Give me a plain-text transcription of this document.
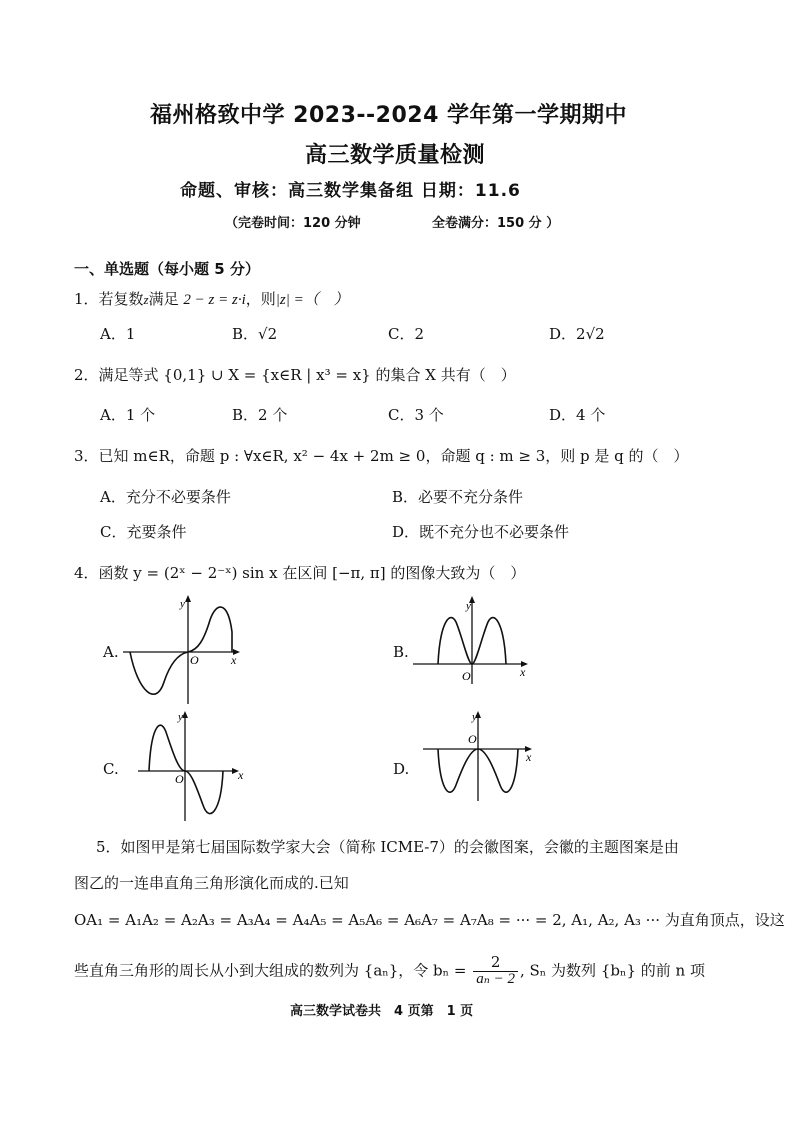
福州格致中学 2023--2024 学年第一学期期中
高三数学质量检测
命题、审核：高三数学集备组 日期：11.6
（完卷时间：120 分钟	全卷满分：150 分 ）
一、单选题（每小题 5 分）
1．若复数z满足 2 − z = z·i，则|z| =（　）
A．1	B．√2	C．2	D．2√2
2．满足等式 {0,1} ∪ X = {x∈R | x³ = x} 的集合 X 共有（　）
A．1 个	B．2 个	C．3 个	D．4 个
3．已知 m∈R，命题 p : ∀x∈R, x² − 4x + 2m ≥ 0，命题 q : m ≥ 3，则 p 是 q 的（　）
A．充分不必要条件	B．必要不充分条件
C．充要条件	D．既不充分也不必要条件
4．函数 y = (2ˣ − 2⁻ˣ) sin x 在区间 [−π, π] 的图像大致为（　）
A.	B.
C.	D.
y
x
O
y
x
O
y
x
O
y
x
O
5．如图甲是第七届国际数学家大会（简称 ICME-7）的会徽图案，会徽的主题图案是由
图乙的一连串直角三角形演化而成的.已知
OA₁ = A₁A₂ = A₂A₃ = A₃A₄ = A₄A₅ = A₅A₆ = A₆A₇ = A₇A₈ = ··· = 2, A₁, A₂, A₃ ··· 为直角顶点，设这
些直角三角形的周长从小到大组成的数列为 {aₙ}，令 $b_n = \frac{2}{\text{aₙ − 2}}$ , Sₙ 为数列 {bₙ} 的前 n 项
高三数学试卷共　4 页第　1 页
